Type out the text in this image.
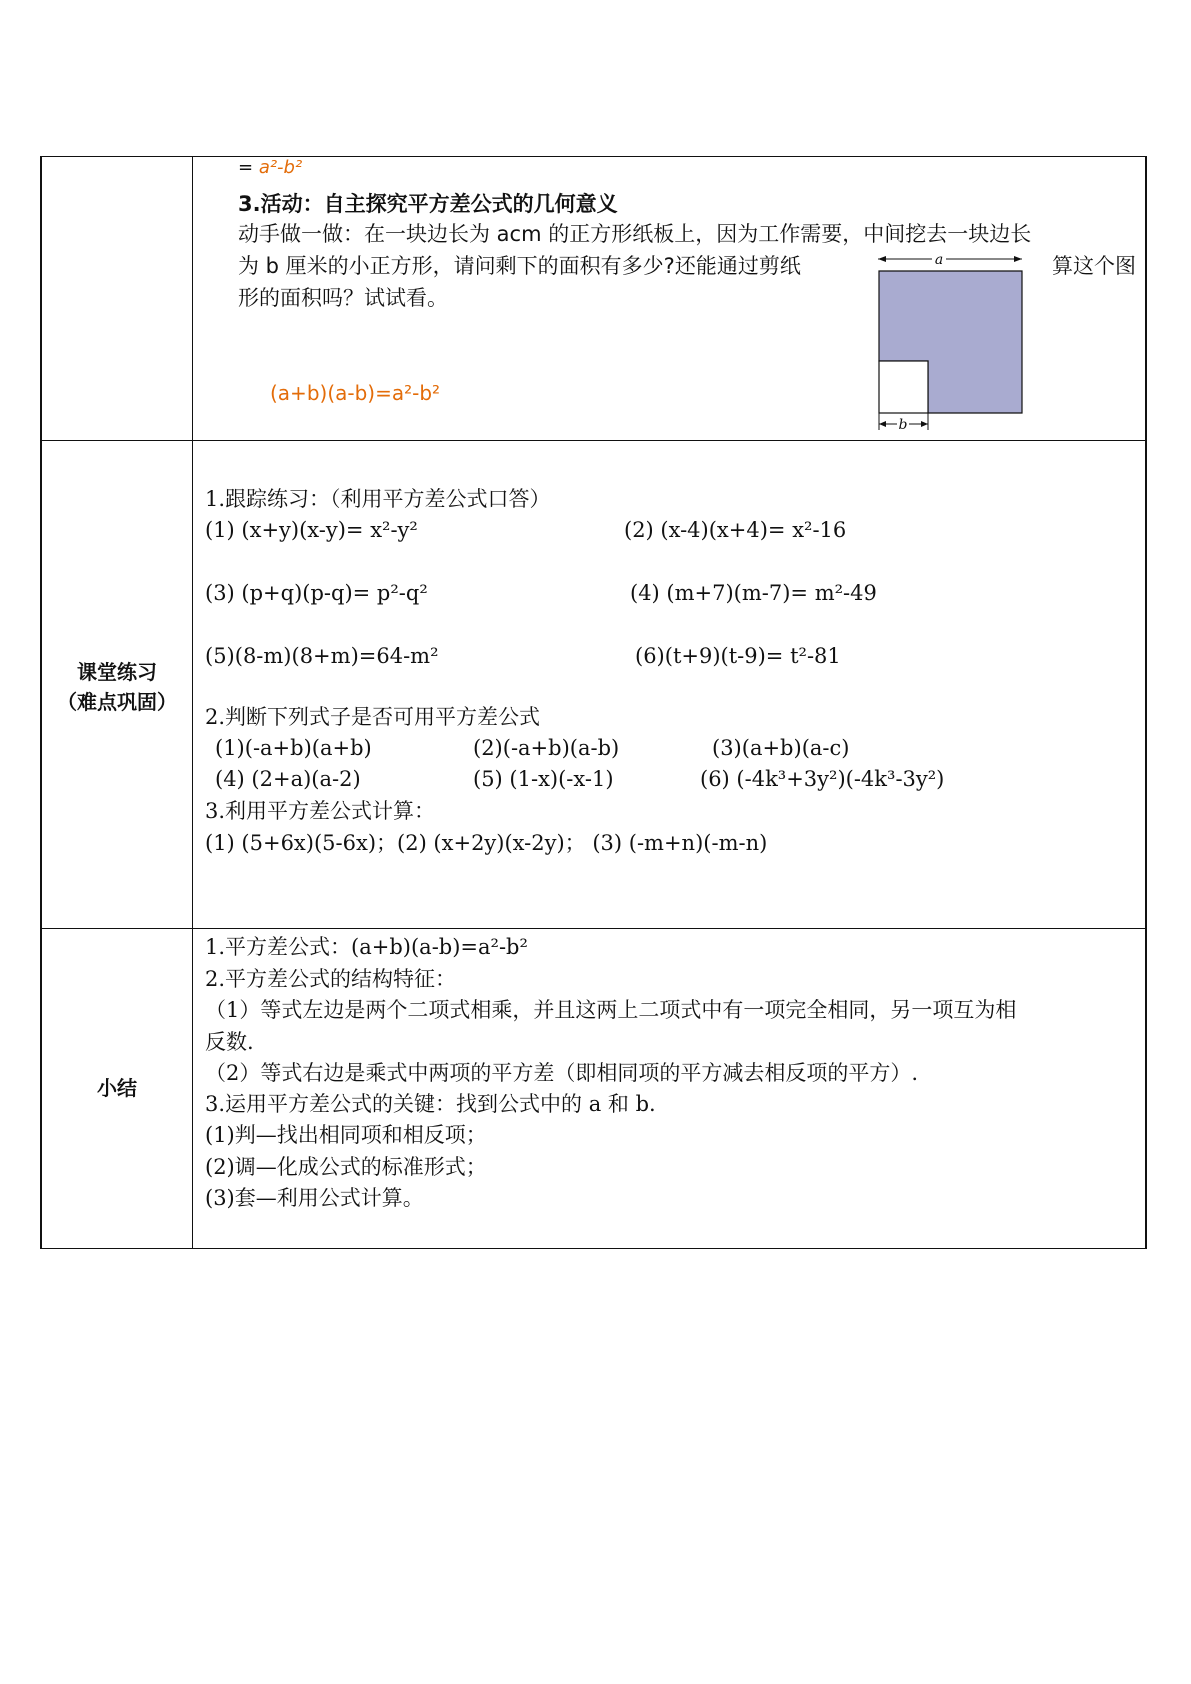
= a²-b²
3.活动：自主探究平方差公式的几何意义
动手做一做：在一块边长为 acm 的正方形纸板上，因为工作需要，中间挖去一块边长
为 b 厘米的小正方形，请问剩下的面积有多少?还能通过剪纸	算这个图
形的面积吗？试试看。
(a+b)(a-b)=a²-b²
a
b
课堂练习
（难点巩固）
1.跟踪练习：（利用平方差公式口答）
(1) (x+y)(x-y)= x²-y²	(2) (x-4)(x+4)= x²-16
(3) (p+q)(p-q)= p²-q²	(4) (m+7)(m-7)= m²-49
(5)(8-m)(8+m)=64-m²	(6)(t+9)(t-9)= t²-81
2.判断下列式子是否可用平方差公式
(1)(-a+b)(a+b)	(2)(-a+b)(a-b)	(3)(a+b)(a-c)
(4) (2+a)(a-2)	(5) (1-x)(-x-1)	(6) (-4k³+3y²)(-4k³-3y²)
3.利用平方差公式计算：
(1) (5+6x)(5-6x)；(2) (x+2y)(x-2y)； (3) (-m+n)(-m-n)
小结
1.平方差公式：(a+b)(a-b)=a²-b²
2.平方差公式的结构特征：
（1）等式左边是两个二项式相乘，并且这两上二项式中有一项完全相同，另一项互为相
反数.
（2）等式右边是乘式中两项的平方差（即相同项的平方减去相反项的平方）.
3.运用平方差公式的关键：找到公式中的 a 和 b.
(1)判—找出相同项和相反项；
(2)调—化成公式的标准形式；
(3)套—利用公式计算。
